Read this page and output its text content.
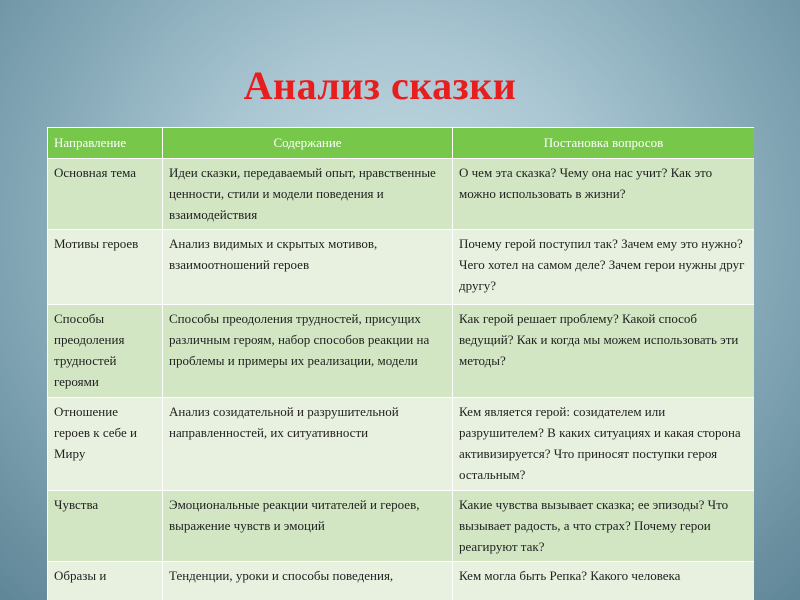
Анализ сказки
Направление	Содержание	Постановка вопросов
Основная тема	Идеи сказки, передаваемый опыт, нравственные ценности, стили и модели поведения и взаимодействия	О чем эта сказка? Чему она нас учит? Как это можно использовать в жизни?
Мотивы героев	Анализ видимых и скрытых мотивов, взаимоотношений героев	Почему герой поступил так? Зачем ему это нужно? Чего хотел на самом деле? Зачем герои нужны друг другу?
Способы преодоления трудностей героями	Способы преодоления трудностей, присущих различным героям, набор способов реакции на проблемы и примеры их реализации, модели	Как герой решает проблему? Какой способ ведущий? Как и когда мы можем использовать эти методы?
Отношение героев к себе и Миру	Анализ созидательной и разрушительной направленностей, их ситуативности	Кем является герой: созидателем или разрушителем? В каких ситуациях и какая сторона активизируется? Что приносят поступки героя остальным?
Чувства	Эмоциональные реакции читателей и героев, выражение чувств и эмоций	Какие чувства вызывает сказка; ее эпизоды? Что вызывает радость, а что страх? Почему герои реагируют так?
Образы и	Тенденции, уроки и способы поведения,	Кем могла быть Репка? Какого человека
